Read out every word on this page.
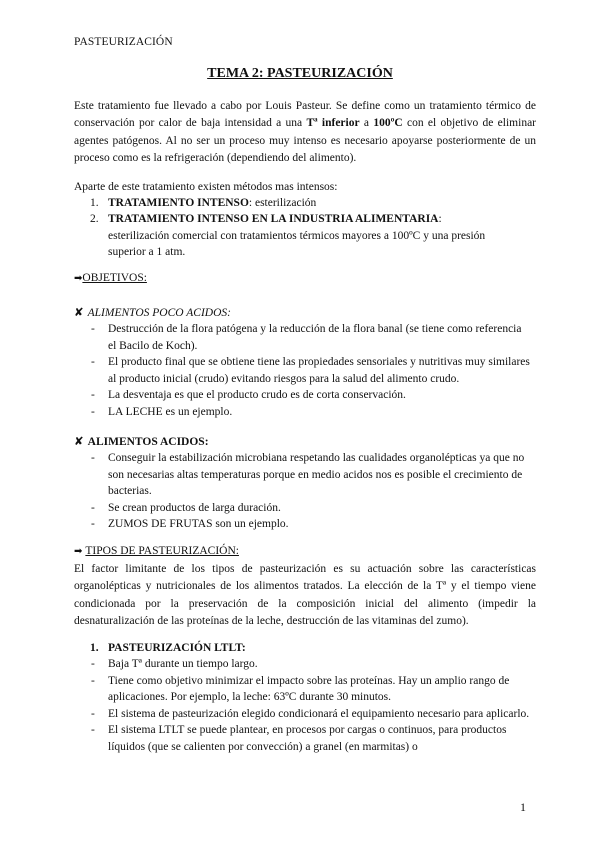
PASTEURIZACIÓN
TEMA 2: PASTEURIZACIÓN
Este tratamiento fue llevado a cabo por Louis Pasteur. Se define como un tratamiento térmico de conservación por calor de baja intensidad a una Tª inferior a 100ºC con el objetivo de eliminar agentes patógenos. Al no ser un proceso muy intenso es necesario apoyarse posteriormente de un proceso como es la refrigeración (dependiendo del alimento).
Aparte de este tratamiento existen métodos mas intensos:
1. TRATAMIENTO INTENSO: esterilización
2. TRATAMIENTO INTENSO EN LA INDUSTRIA ALIMENTARIA:
esterilización comercial con tratamientos térmicos mayores a 100ºC y una presión
superior a 1 atm.
➡OBJETIVOS:
✘ ALIMENTOS POCO ACIDOS:
- Destrucción de la flora patógena y la reducción de la flora banal (se tiene como referencia el Bacilo de Koch).
- El producto final que se obtiene tiene las propiedades sensoriales y nutritivas muy similares al producto inicial (crudo) evitando riesgos para la salud del alimento crudo.
- La desventaja es que el producto crudo es de corta conservación.
- LA LECHE es un ejemplo.
✘ ALIMENTOS ACIDOS:
- Conseguir la estabilización microbiana respetando las cualidades organolépticas ya que no son necesarias altas temperaturas porque en medio acidos nos es posible el crecimiento de bacterias.
- Se crean productos de larga duración.
- ZUMOS DE FRUTAS son un ejemplo.
➡ TIPOS DE PASTEURIZACIÓN:
El factor limitante de los tipos de pasteurización es su actuación sobre las características organolépticas y nutricionales de los alimentos tratados. La elección de la Tª y el tiempo viene condicionada por la preservación de la composición inicial del alimento (impedir la desnaturalización de las proteínas de la leche, destrucción de las vitaminas del zumo).
1. PASTEURIZACIÓN LTLT:
- Baja Tª durante un tiempo largo.
- Tiene como objetivo minimizar el impacto sobre las proteínas. Hay un amplio rango de aplicaciones. Por ejemplo, la leche: 63ºC durante 30 minutos.
- El sistema de pasteurización elegido condicionará el equipamiento necesario para aplicarlo.
- El sistema LTLT se puede plantear, en procesos por cargas o continuos, para productos líquidos (que se calienten por convección) a granel (en marmitas) o
1
